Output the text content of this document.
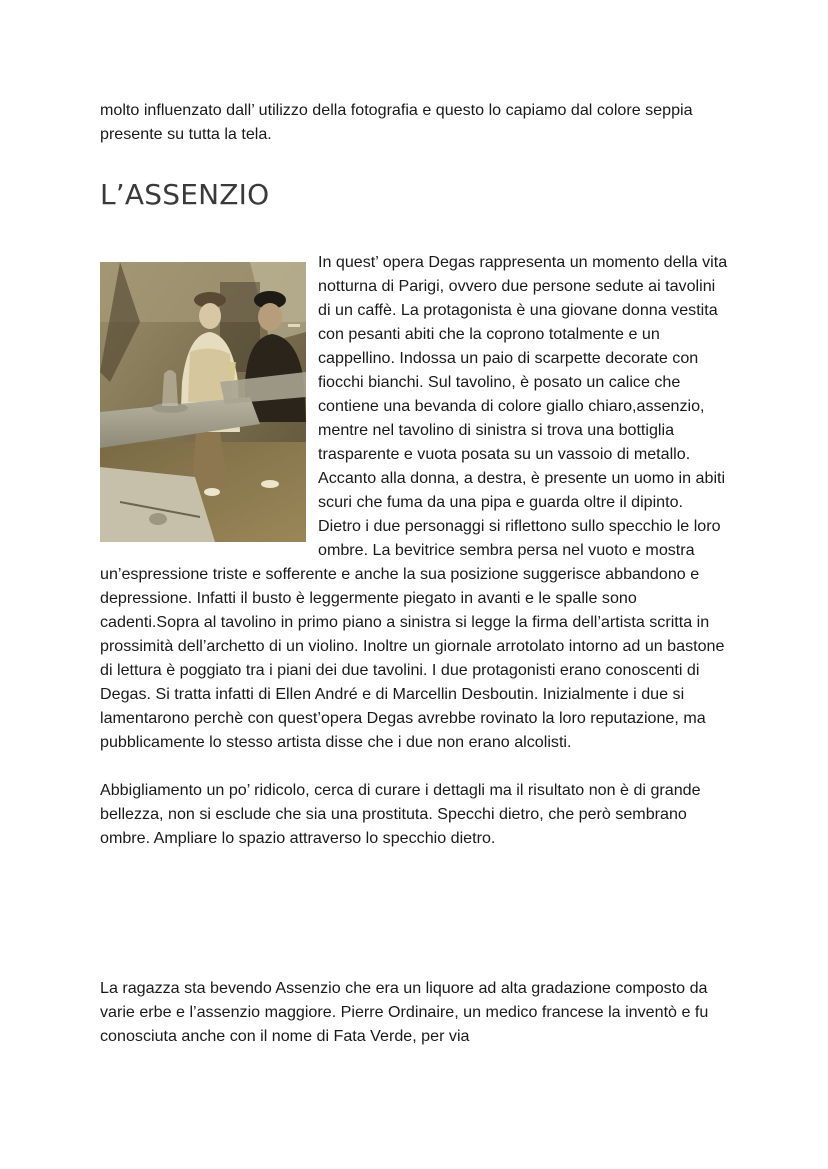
molto influenzato dall’ utilizzo della fotografia e questo lo capiamo dal colore seppia presente su tutta la tela.

L’ASSENZIO

In quest’ opera Degas rappresenta un momento della vita notturna di Parigi, ovvero due persone sedute ai tavolini di un caffè. La protagonista è una giovane donna vestita con pesanti abiti che la coprono totalmente e un cappellino. Indossa un paio di scarpette decorate con fiocchi bianchi. Sul tavolino, è posato un calice che contiene una bevanda di colore giallo chiaro,assenzio, mentre nel tavolino di sinistra si trova una bottiglia trasparente e vuota posata su un vassoio di metallo. Accanto alla donna, a destra, è presente un uomo in abiti scuri che fuma da una pipa e guarda oltre il dipinto. Dietro i due personaggi si riflettono sullo specchio le loro ombre. La bevitrice sembra persa nel vuoto e mostra un’espressione triste e sofferente e anche la sua posizione suggerisce abbandono e depressione. Infatti il busto è leggermente piegato in avanti e le spalle sono cadenti.Sopra al tavolino in primo piano a sinistra si legge la firma dell’artista scritta in prossimità dell’archetto di un violino. Inoltre un giornale arrotolato intorno ad un bastone di lettura è poggiato tra i piani dei due tavolini. I due protagonisti erano conoscenti di Degas. Si tratta infatti di Ellen André e di Marcellin Desboutin. Inizialmente i due si lamentarono perchè con quest’opera Degas avrebbe rovinato la loro reputazione, ma pubblicamente lo stesso artista disse che i due non erano alcolisti.

Abbigliamento un po’ ridicolo, cerca di curare i dettagli ma il risultato non è di grande bellezza, non si esclude che sia una prostituta. Specchi dietro, che però sembrano ombre. Ampliare lo spazio attraverso lo specchio dietro.

La ragazza sta bevendo Assenzio che era un liquore ad alta gradazione composto da varie erbe e l’assenzio maggiore. Pierre Ordinaire, un medico francese la inventò e fu conosciuta anche con il nome di Fata Verde, per via
